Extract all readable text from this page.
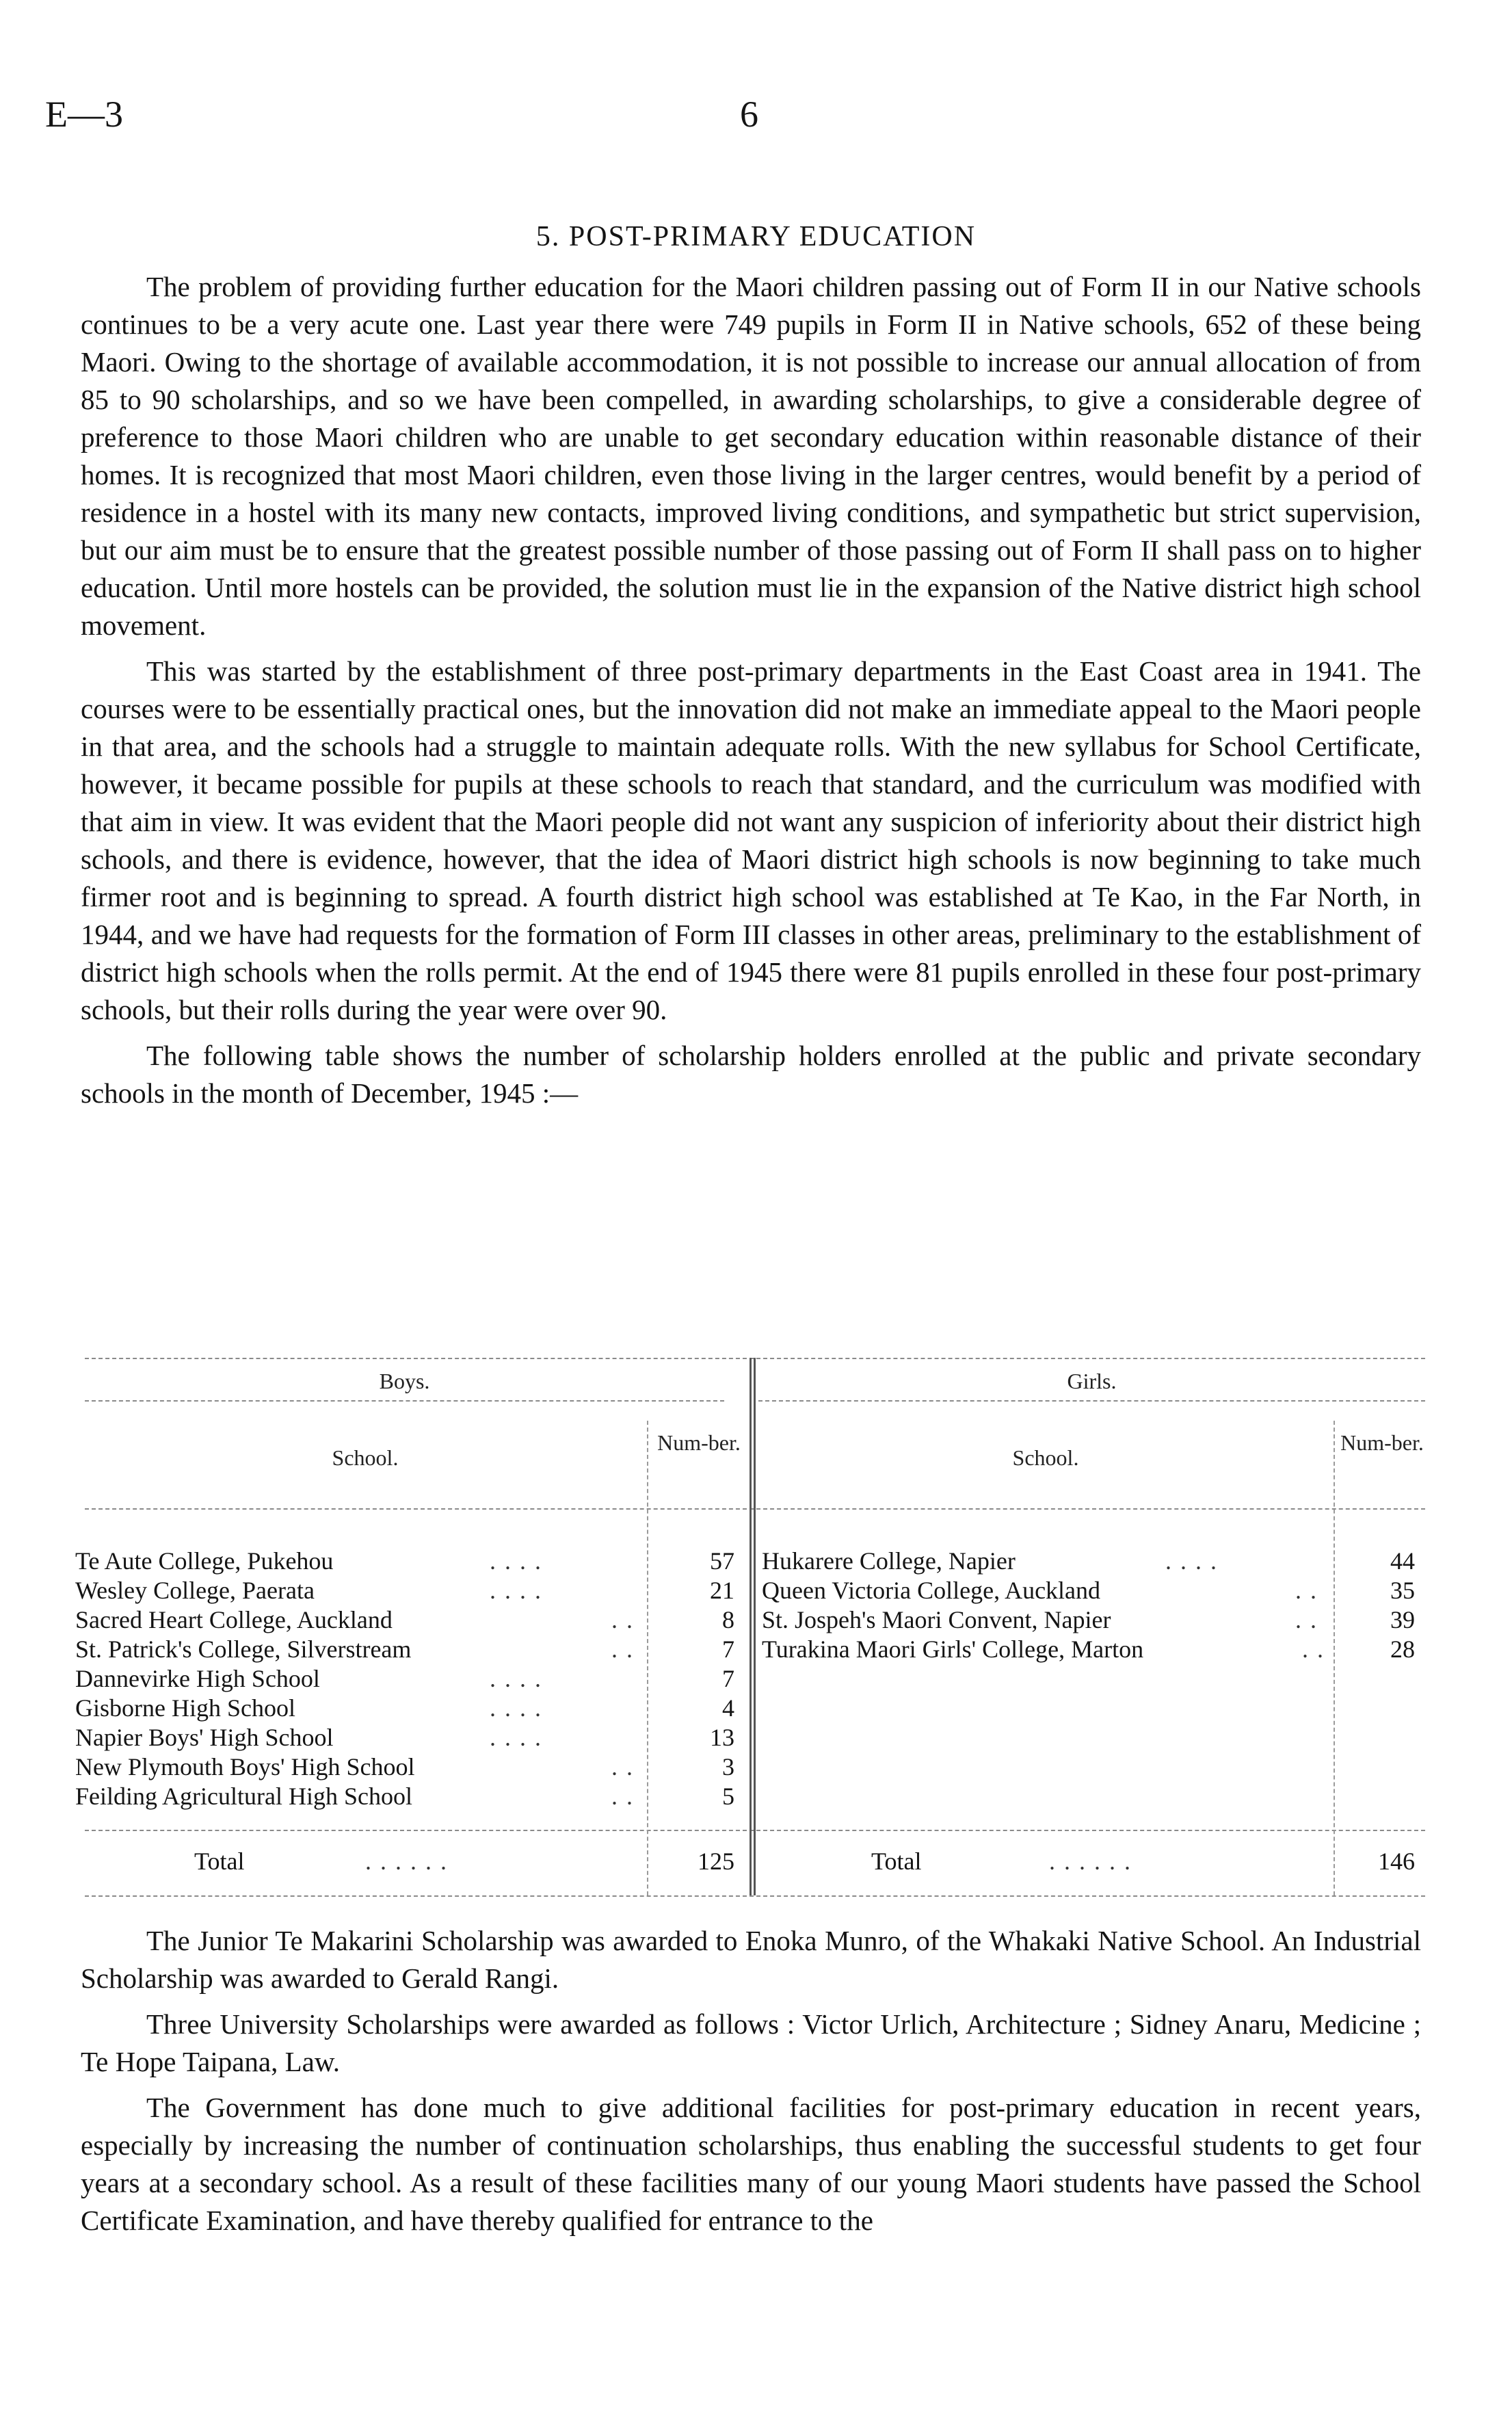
E—3	6
5. POST-PRIMARY EDUCATION

The problem of providing further education for the Maori children passing out of Form II in our Native schools continues to be a very acute one. Last year there were 749 pupils in Form II in Native schools, 652 of these being Maori. Owing to the shortage of available accommodation, it is not possible to increase our annual allocation of from 85 to 90 scholarships, and so we have been compelled, in awarding scholarships, to give a considerable degree of preference to those Maori children who are unable to get secondary education within reasonable distance of their homes. It is recognized that most Maori children, even those living in the larger centres, would benefit by a period of residence in a hostel with its many new contacts, improved living conditions, and sympathetic but strict supervision, but our aim must be to ensure that the greatest possible number of those passing out of Form II shall pass on to higher education. Until more hostels can be provided, the solution must lie in the expansion of the Native district high school movement.

This was started by the establishment of three post-primary departments in the East Coast area in 1941. The courses were to be essentially practical ones, but the innovation did not make an immediate appeal to the Maori people in that area, and the schools had a struggle to maintain adequate rolls. With the new syllabus for School Certificate, however, it became possible for pupils at these schools to reach that standard, and the curriculum was modified with that aim in view. It was evident that the Maori people did not want any suspicion of inferiority about their district high schools, and there is evidence, however, that the idea of Maori district high schools is now beginning to take much firmer root and is beginning to spread. A fourth district high school was established at Te Kao, in the Far North, in 1944, and we have had requests for the formation of Form III classes in other areas, preliminary to the establishment of district high schools when the rolls permit. At the end of 1945 there were 81 pupils enrolled in these four post-primary schools, but their rolls during the year were over 90.

The following table shows the number of scholarship holders enrolled at the public and private secondary schools in the month of December, 1945 :—

Boys.	Girls.
School.
Num-ber.
School.
Num-ber.
Te Aute College, Pukehou	. . . .	57
Wesley College, Paerata	. . . .	21
Sacred Heart College, Auckland	. .	8
St. Patrick's College, Silverstream	. .	7
Dannevirke High School	. . . .	7
Gisborne High School	. . . .	4
Napier Boys' High School	. . . .	13
New Plymouth Boys' High School	. .	3
Feilding Agricultural High School	. .	5
Total	. . . . . .	125
Hukarere College, Napier	. . . .	44
Queen Victoria College, Auckland	. .	35
St. Jospeh's Maori Convent, Napier	. .	39
Turakina Maori Girls' College, Marton	. .	28
Total	. . . . . .	146

The Junior Te Makarini Scholarship was awarded to Enoka Munro, of the Whakaki Native School. An Industrial Scholarship was awarded to Gerald Rangi.

Three University Scholarships were awarded as follows : Victor Urlich, Architecture ; Sidney Anaru, Medicine ; Te Hope Taipana, Law.

The Government has done much to give additional facilities for post-primary education in recent years, especially by increasing the number of continuation scholarships, thus enabling the successful students to get four years at a secondary school. As a result of these facilities many of our young Maori students have passed the School Certificate Examination, and have thereby qualified for entrance to the
